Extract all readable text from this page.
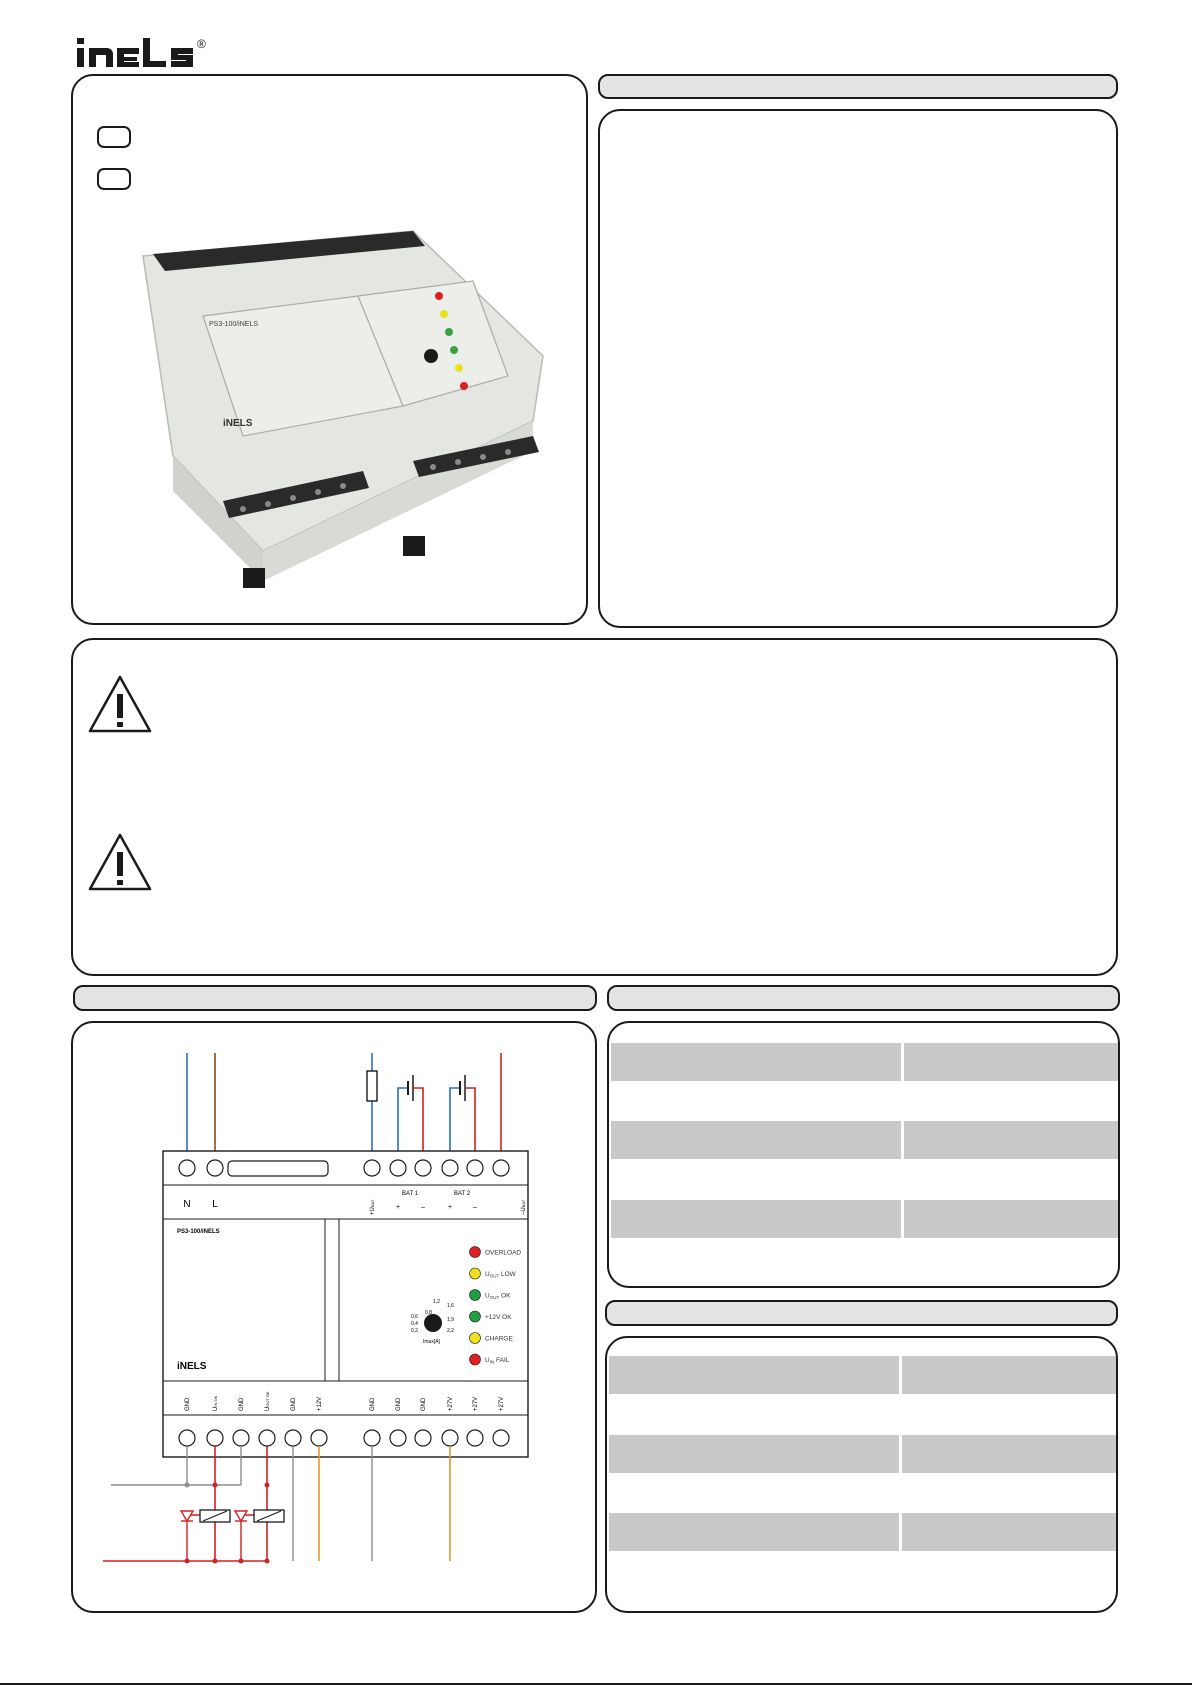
®
PS3-100/iNELS
iNELS
N L
BAT 1	BAT 2
+	–	+	–
PS3-100/iNELS
iNELS
OVERLOAD
$U_{OUT}$ LOW
$U_{OUT}$ OK
+12V OK
CHARGE
$U_{IN}$ FAIL
0,8
1,2
1,6
0,6	1,9
0,4
0,2	2,2
Imax[A]
GND	UIN OK	GND	UOUT OK	GND	+12V	GND	GND	GND	+27V	+27V	+27V
+UBAT
–UBAT
